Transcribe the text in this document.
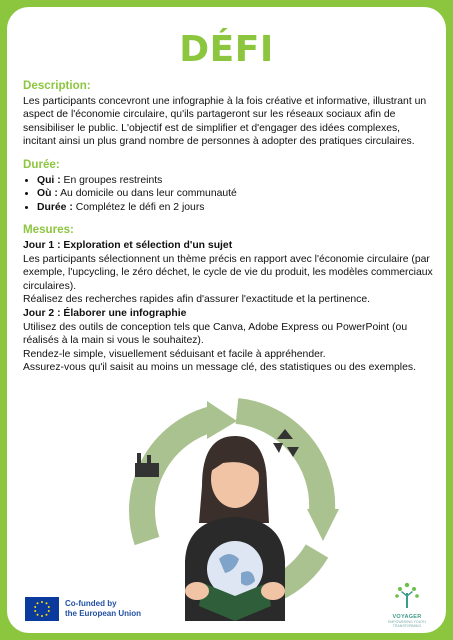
DÉFI
Description:

Les participants concevront une infographie à la fois créative et informative, illustrant un aspect de l'économie circulaire, qu'ils partageront sur les réseaux sociaux afin de sensibiliser le public. L'objectif est de simplifier et d'engager des idées complexes, incitant ainsi un plus grand nombre de personnes à adopter des pratiques circulaires.

Durée:
• Qui : En groupes restreints
• Où : Au domicile ou dans leur communauté
• Durée : Complétez le défi en 2 jours
Mesures:
Jour 1 : Exploration et sélection d'un sujet

Les participants sélectionnent un thème précis en rapport avec l'économie circulaire (par exemple, l'upcycling, le zéro déchet, le cycle de vie du produit, les modèles commerciaux circulaires).

Réalisez des recherches rapides afin d'assurer l'exactitude et la pertinence.

Jour 2 : Élaborer une infographie

Utilisez des outils de conception tels que Canva, Adobe Express ou PowerPoint (ou réalisés à la main si vous le souhaitez).

Rendez-le simple, visuellement séduisant et facile à appréhender.

Assurez-vous qu'il saisit au moins un message clé, des statistiques ou des exemples.

Co-funded by
the European Union	VOYAGER
EMPOWERING YOUTH
TRANSFORMING
